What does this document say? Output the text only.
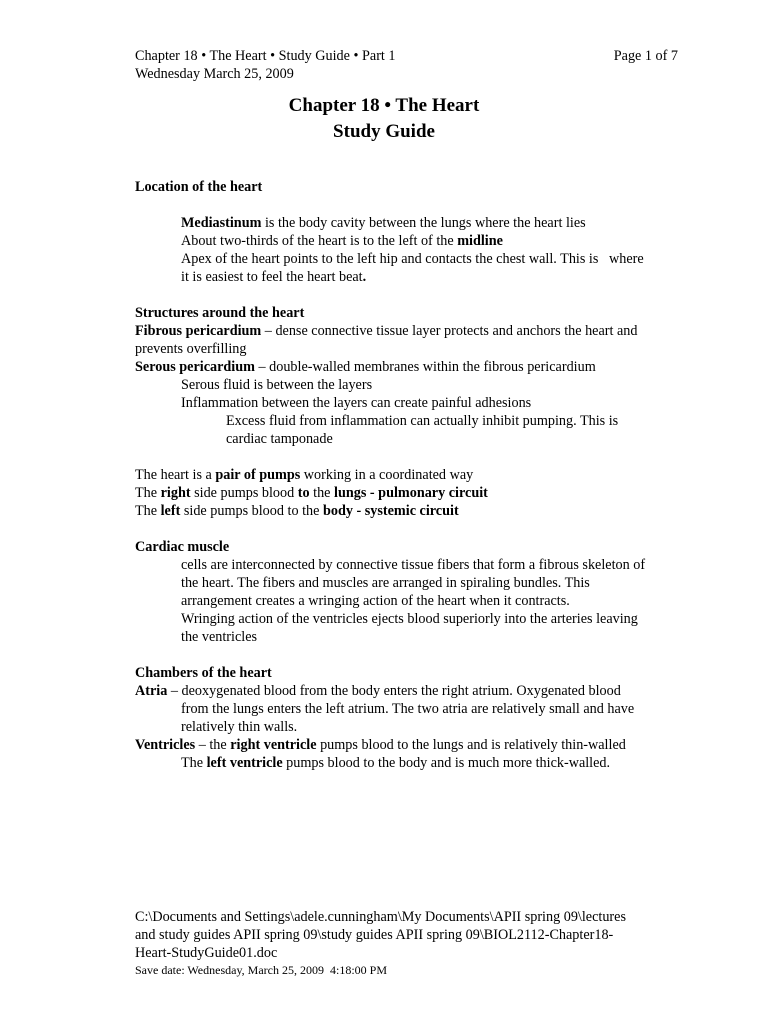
Chapter 18 • The Heart • Study Guide • Part 1
Wednesday March 25, 2009
Page 1 of 7
Chapter 18 • The Heart
Study Guide

Location of the heart

Mediastinum is the body cavity between the lungs where the heart lies

About two-thirds of the heart is to the left of the midline

Apex of the heart points to the left hip and contacts the chest wall. This is   where

it is easiest to feel the heart beat.

Structures around the heart

Fibrous pericardium – dense connective tissue layer protects and anchors the heart and

prevents overfilling

Serous pericardium – double-walled membranes within the fibrous pericardium

Serous fluid is between the layers

Inflammation between the layers can create painful adhesions

Excess fluid from inflammation can actually inhibit pumping. This is

cardiac tamponade

The heart is a pair of pumps working in a coordinated way

The right side pumps blood to the lungs - pulmonary circuit

The left side pumps blood to the body - systemic circuit

Cardiac muscle

cells are interconnected by connective tissue fibers that form a fibrous skeleton of

the heart. The fibers and muscles are arranged in spiraling bundles. This

arrangement creates a wringing action of the heart when it contracts.

Wringing action of the ventricles ejects blood superiorly into the arteries leaving

the ventricles

Chambers of the heart

Atria – deoxygenated blood from the body enters the right atrium. Oxygenated blood

from the lungs enters the left atrium. The two atria are relatively small and have

relatively thin walls.

Ventricles – the right ventricle pumps blood to the lungs and is relatively thin-walled

The left ventricle pumps blood to the body and is much more thick-walled.

C:\Documents and Settings\adele.cunningham\My Documents\APII spring 09\lectures
and study guides APII spring 09\study guides APII spring 09\BIOL2112-Chapter18-
Heart-StudyGuide01.doc
Save date: Wednesday, March 25, 2009  4:18:00 PM
